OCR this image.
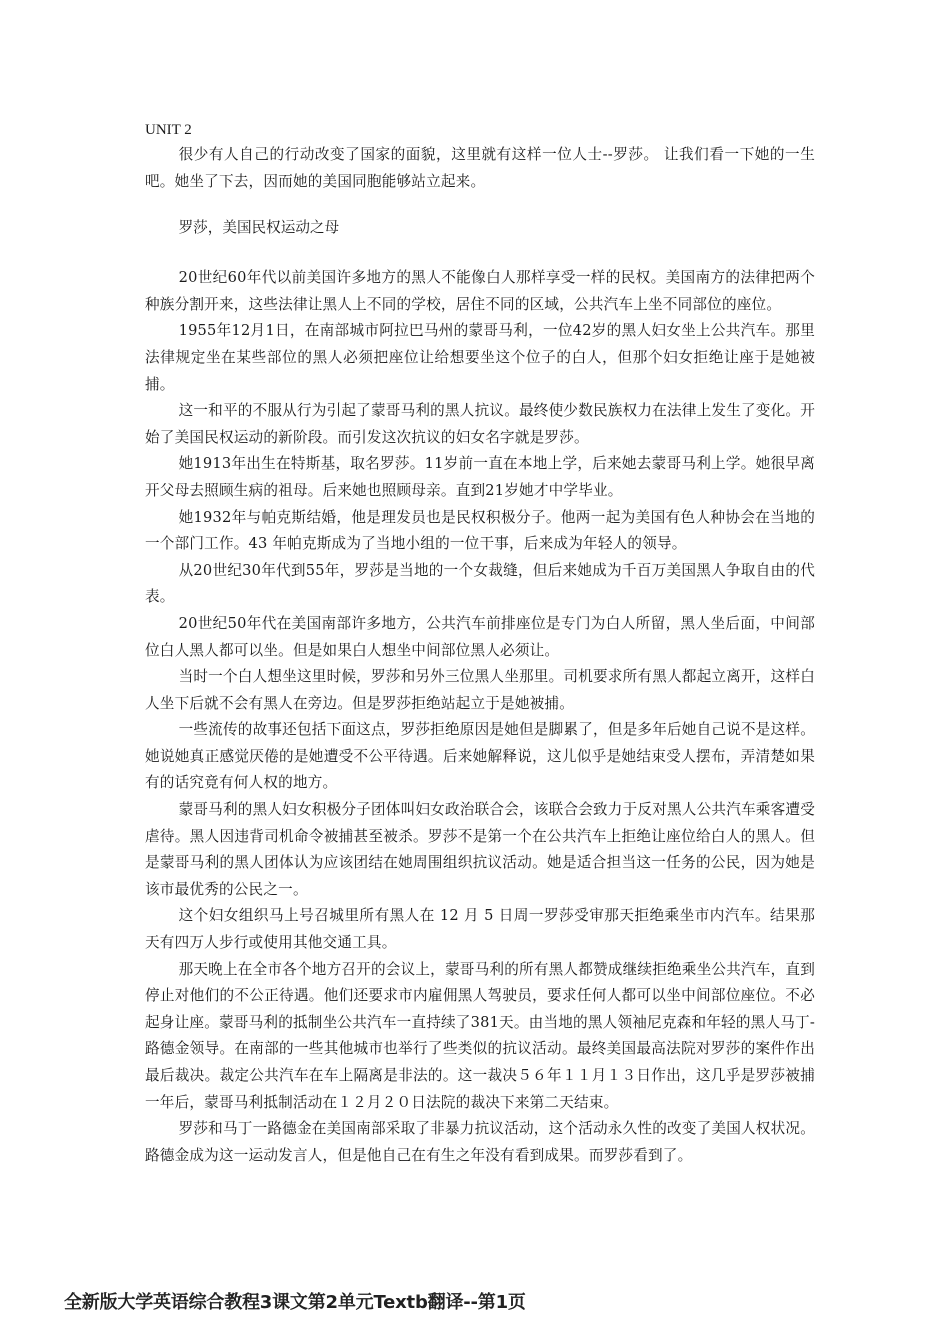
UNIT 2

很少有人自己的行动改变了国家的面貌，这里就有这样一位人士--罗莎。 让我们看一下她的一生吧。她坐了下去，因而她的美国同胞能够站立起来。

罗莎，美国民权运动之母

20世纪60年代以前美国许多地方的黑人不能像白人那样享受一样的民权。美国南方的法律把两个种族分割开来，这些法律让黑人上不同的学校，居住不同的区域，公共汽车上坐不同部位的座位。

1955年12月1日，在南部城市阿拉巴马州的蒙哥马利，一位42岁的黑人妇女坐上公共汽车。那里法律规定坐在某些部位的黑人必须把座位让给想要坐这个位子的白人，但那个妇女拒绝让座于是她被捕。

这一和平的不服从行为引起了蒙哥马利的黑人抗议。最终使少数民族权力在法律上发生了变化。开始了美国民权运动的新阶段。而引发这次抗议的妇女名字就是罗莎。

她1913年出生在特斯基，取名罗莎。11岁前一直在本地上学，后来她去蒙哥马利上学。她很早离开父母去照顾生病的祖母。后来她也照顾母亲。直到21岁她才中学毕业。

她1932年与帕克斯结婚，他是理发员也是民权积极分子。他两一起为美国有色人种协会在当地的一个部门工作。43 年帕克斯成为了当地小组的一位干事，后来成为年轻人的领导。

从20世纪30年代到55年，罗莎是当地的一个女裁缝，但后来她成为千百万美国黑人争取自由的代表。

20世纪50年代在美国南部许多地方，公共汽车前排座位是专门为白人所留，黑人坐后面，中间部位白人黑人都可以坐。但是如果白人想坐中间部位黑人必须让。

当时一个白人想坐这里时候，罗莎和另外三位黑人坐那里。司机要求所有黑人都起立离开，这样白人坐下后就不会有黑人在旁边。但是罗莎拒绝站起立于是她被捕。

一些流传的故事还包括下面这点，罗莎拒绝原因是她但是脚累了，但是多年后她自己说不是这样。她说她真正感觉厌倦的是她遭受不公平待遇。后来她解释说，这儿似乎是她结束受人摆布，弄清楚如果有的话究竟有何人权的地方。

蒙哥马利的黑人妇女积极分子团体叫妇女政治联合会，该联合会致力于反对黑人公共汽车乘客遭受虐待。黑人因违背司机命令被捕甚至被杀。罗莎不是第一个在公共汽车上拒绝让座位给白人的黑人。但是蒙哥马利的黑人团体认为应该团结在她周围组织抗议活动。她是适合担当这一任务的公民，因为她是该市最优秀的公民之一。

这个妇女组织马上号召城里所有黑人在 12 月 5 日周一罗莎受审那天拒绝乘坐市内汽车。结果那天有四万人步行或使用其他交通工具。

那天晚上在全市各个地方召开的会议上，蒙哥马利的所有黑人都赞成继续拒绝乘坐公共汽车，直到停止对他们的不公正待遇。他们还要求市内雇佣黑人驾驶员，要求任何人都可以坐中间部位座位。不必起身让座。蒙哥马利的抵制坐公共汽车一直持续了381天。由当地的黑人领袖尼克森和年轻的黑人马丁-路德金领导。在南部的一些其他城市也举行了些类似的抗议活动。最终美国最高法院对罗莎的案件作出最后裁决。裁定公共汽车在车上隔离是非法的。这一裁决５６年１１月１３日作出，这几乎是罗莎被捕一年后，蒙哥马利抵制活动在１２月２０日法院的裁决下来第二天结束。

罗莎和马丁一路德金在美国南部采取了非暴力抗议活动，这个活动永久性的改变了美国人权状况。路德金成为这一运动发言人，但是他自己在有生之年没有看到成果。而罗莎看到了。

全新版大学英语综合教程3课文第2单元Textb翻译--第1页
